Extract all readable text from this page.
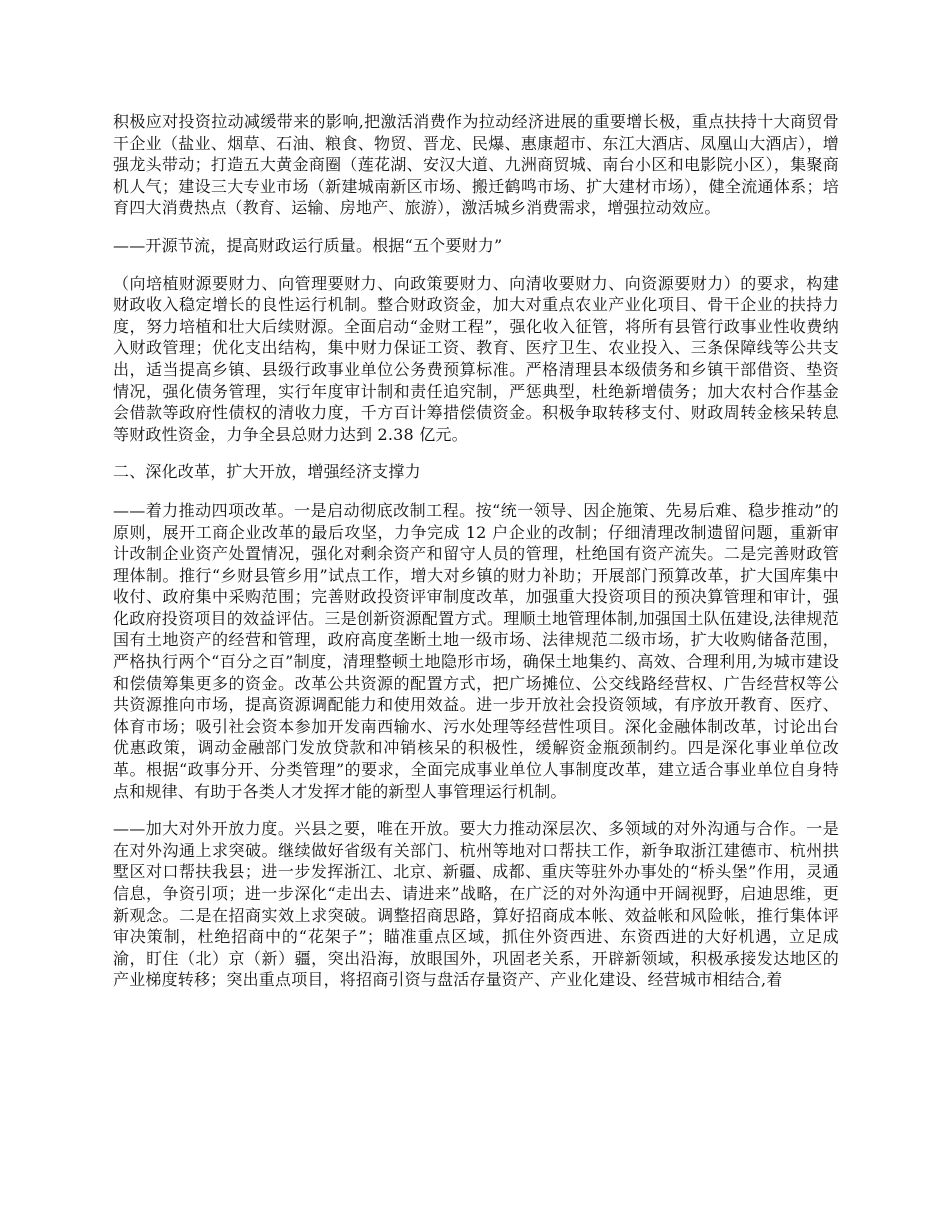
积极应对投资拉动减缓带来的影响,把激活消费作为拉动经济进展的重要增长极，重点扶持十大商贸骨干企业（盐业、烟草、石油、粮食、物贸、晋龙、民爆、惠康超市、东江大酒店、凤凰山大酒店），增强龙头带动；打造五大黄金商圈（莲花湖、安汉大道、九洲商贸城、南台小区和电影院小区），集聚商机人气；建设三大专业市场（新建城南新区市场、搬迁鹤鸣市场、扩大建材市场），健全流通体系；培育四大消费热点（教育、运输、房地产、旅游），激活城乡消费需求，增强拉动效应。

——开源节流，提高财政运行质量。根据“五个要财力”

（向培植财源要财力、向管理要财力、向政策要财力、向清收要财力、向资源要财力）的要求，构建财政收入稳定增长的良性运行机制。整合财政资金，加大对重点农业产业化项目、骨干企业的扶持力度，努力培植和壮大后续财源。全面启动“金财工程”，强化收入征管，将所有县管行政事业性收费纳入财政管理；优化支出结构，集中财力保证工资、教育、医疗卫生、农业投入、三条保障线等公共支出，适当提高乡镇、县级行政事业单位公务费预算标准。严格清理县本级债务和乡镇干部借资、垫资情况，强化债务管理，实行年度审计制和责任追究制，严惩典型，杜绝新增债务；加大农村合作基金会借款等政府性债权的清收力度，千方百计筹措偿债资金。积极争取转移支付、财政周转金核呆转息等财政性资金，力争全县总财力达到 2.38 亿元。

二、深化改革，扩大开放，增强经济支撑力

——着力推动四项改革。一是启动彻底改制工程。按“统一领导、因企施策、先易后难、稳步推动”的原则，展开工商企业改革的最后攻坚，力争完成 12 户企业的改制；仔细清理改制遗留问题，重新审计改制企业资产处置情况，强化对剩余资产和留守人员的管理，杜绝国有资产流失。二是完善财政管理体制。推行“乡财县管乡用”试点工作，增大对乡镇的财力补助；开展部门预算改革，扩大国库集中收付、政府集中采购范围；完善财政投资评审制度改革，加强重大投资项目的预决算管理和审计，强化政府投资项目的效益评估。三是创新资源配置方式。理顺土地管理体制,加强国土队伍建设,法律规范国有土地资产的经营和管理，政府高度垄断土地一级市场、法律规范二级市场，扩大收购储备范围，严格执行两个“百分之百”制度，清理整顿土地隐形市场，确保土地集约、高效、合理利用,为城市建设和偿债筹集更多的资金。改革公共资源的配置方式，把广场摊位、公交线路经营权、广告经营权等公共资源推向市场，提高资源调配能力和使用效益。进一步开放社会投资领域，有序放开教育、医疗、体育市场；吸引社会资本参加开发南西输水、污水处理等经营性项目。深化金融体制改革，讨论出台优惠政策，调动金融部门发放贷款和冲销核呆的积极性，缓解资金瓶颈制约。四是深化事业单位改革。根据“政事分开、分类管理”的要求，全面完成事业单位人事制度改革，建立适合事业单位自身特点和规律、有助于各类人才发挥才能的新型人事管理运行机制。

——加大对外开放力度。兴县之要，唯在开放。要大力推动深层次、多领域的对外沟通与合作。一是在对外沟通上求突破。继续做好省级有关部门、杭州等地对口帮扶工作，新争取浙江建德市、杭州拱墅区对口帮扶我县；进一步发挥浙江、北京、新疆、成都、重庆等驻外办事处的“桥头堡”作用，灵通信息，争资引项；进一步深化“走出去、请进来”战略，在广泛的对外沟通中开阔视野，启迪思维，更新观念。二是在招商实效上求突破。调整招商思路，算好招商成本帐、效益帐和风险帐，推行集体评审决策制，杜绝招商中的“花架子”；瞄准重点区域，抓住外资西进、东资西进的大好机遇，立足成渝，盯住（北）京（新）疆，突出沿海，放眼国外，巩固老关系，开辟新领域，积极承接发达地区的产业梯度转移；突出重点项目，将招商引资与盘活存量资产、产业化建设、经营城市相结合,着
